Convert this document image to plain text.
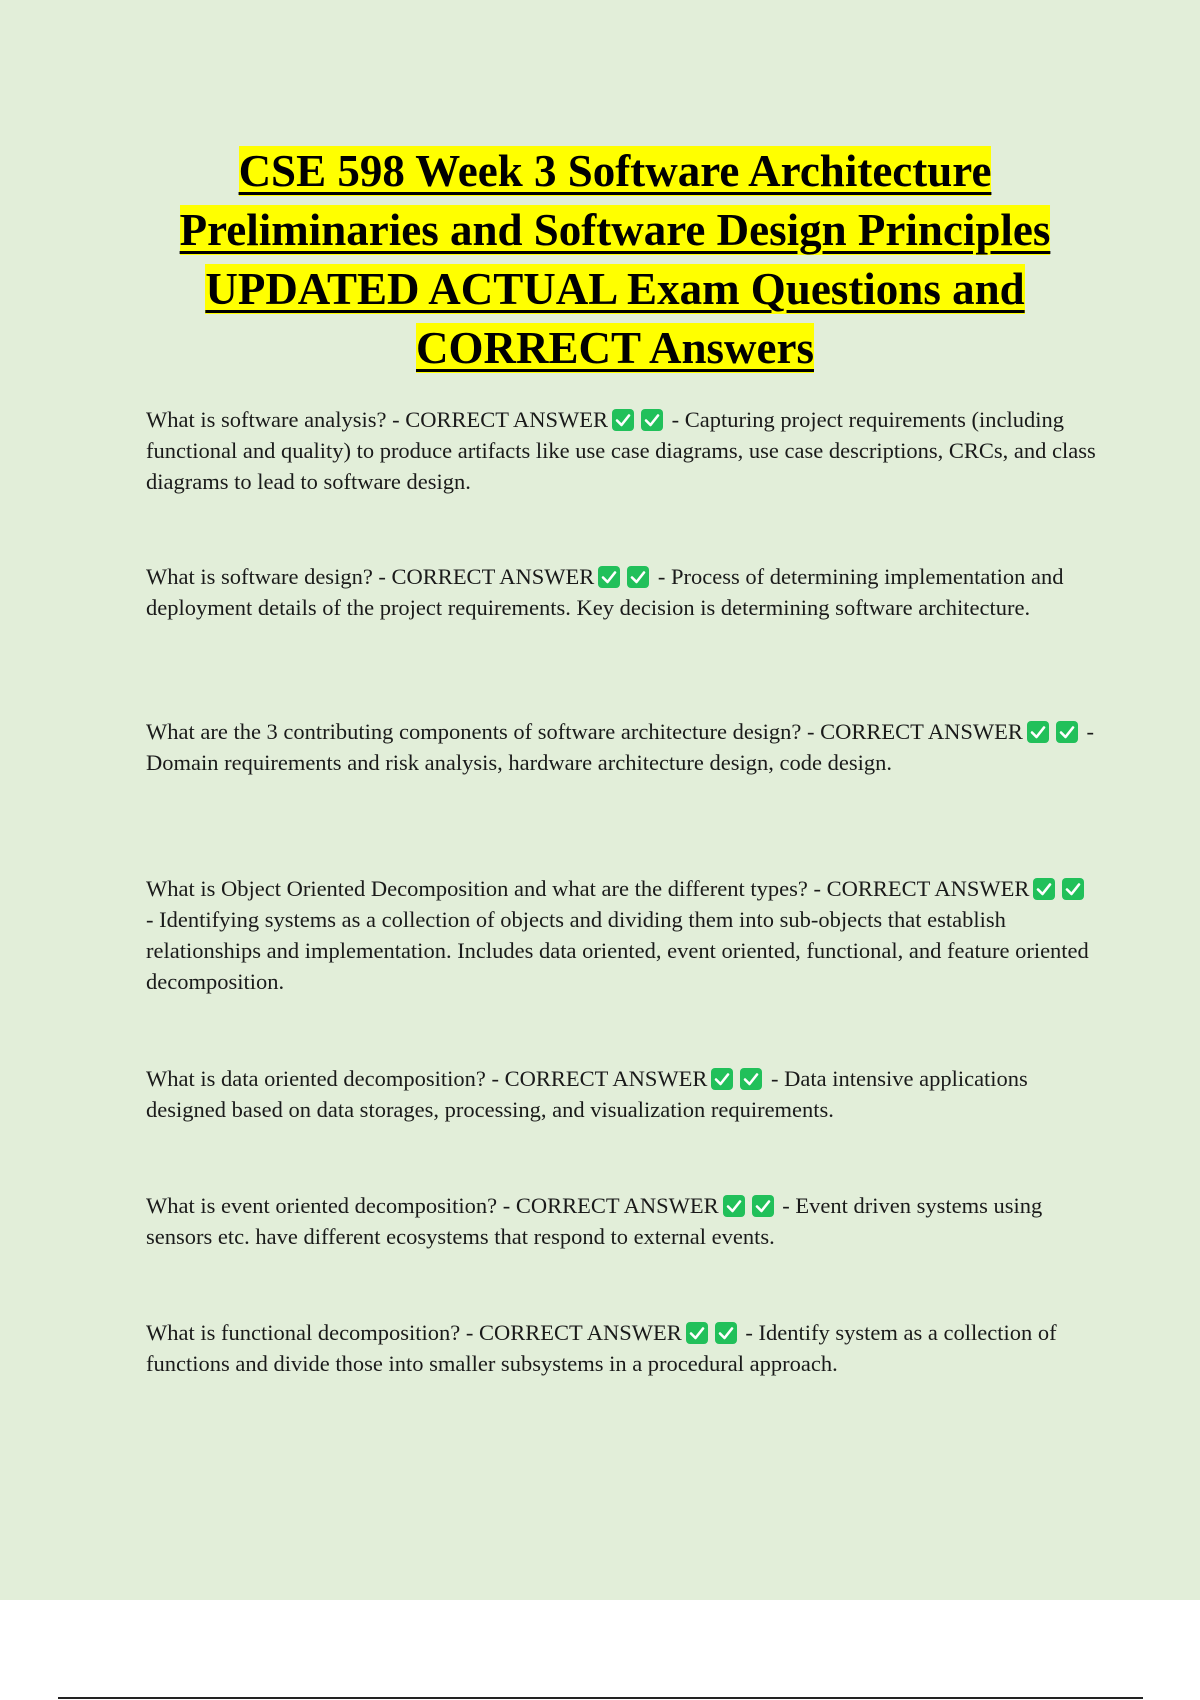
CSE 598 Week 3 Software Architecture Preliminaries and Software Design Principles UPDATED ACTUAL Exam Questions and CORRECT Answers

What is software analysis? - CORRECT ANSWER	- Capturing project requirements (including functional and quality) to produce artifacts like use case diagrams, use case descriptions, CRCs, and class diagrams to lead to software design.

What is software design? - CORRECT ANSWER	- Process of determining implementation and deployment details of the project requirements. Key decision is determining software architecture.

What are the 3 contributing components of software architecture design? - CORRECT ANSWER	- Domain requirements and risk analysis, hardware architecture design, code design.

What is Object Oriented Decomposition and what are the different types? - CORRECT ANSWER
- Identifying systems as a collection of objects and dividing them into sub-objects that establish relationships and implementation. Includes data oriented, event oriented, functional, and feature oriented decomposition.

What is data oriented decomposition? - CORRECT ANSWER	- Data intensive applications designed based on data storages, processing, and visualization requirements.

What is event oriented decomposition? - CORRECT ANSWER	- Event driven systems using sensors etc. have different ecosystems that respond to external events.

What is functional decomposition? - CORRECT ANSWER	- Identify system as a collection of functions and divide those into smaller subsystems in a procedural approach.
